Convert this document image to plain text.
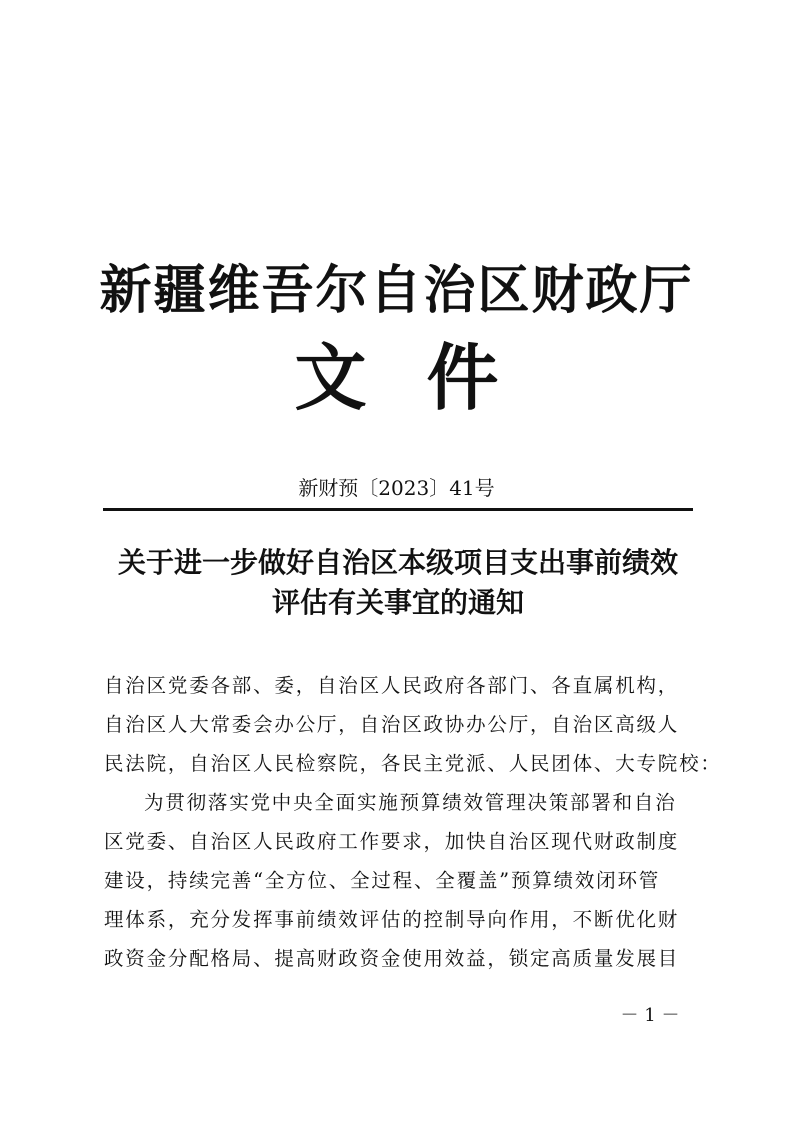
新疆维吾尔自治区财政厅
文件
新财预〔2023〕41号
关于进一步做好自治区本级项目支出事前绩效
评估有关事宜的通知
自治区党委各部、委，自治区人民政府各部门、各直属机构，
自治区人大常委会办公厅，自治区政协办公厅，自治区高级人
民法院，自治区人民检察院，各民主党派、人民团体、大专院校：
为贯彻落实党中央全面实施预算绩效管理决策部署和自治
区党委、自治区人民政府工作要求，加快自治区现代财政制度
建设，持续完善“全方位、全过程、全覆盖”预算绩效闭环管
理体系，充分发挥事前绩效评估的控制导向作用，不断优化财
政资金分配格局、提高财政资金使用效益，锁定高质量发展目
－ 1 －
